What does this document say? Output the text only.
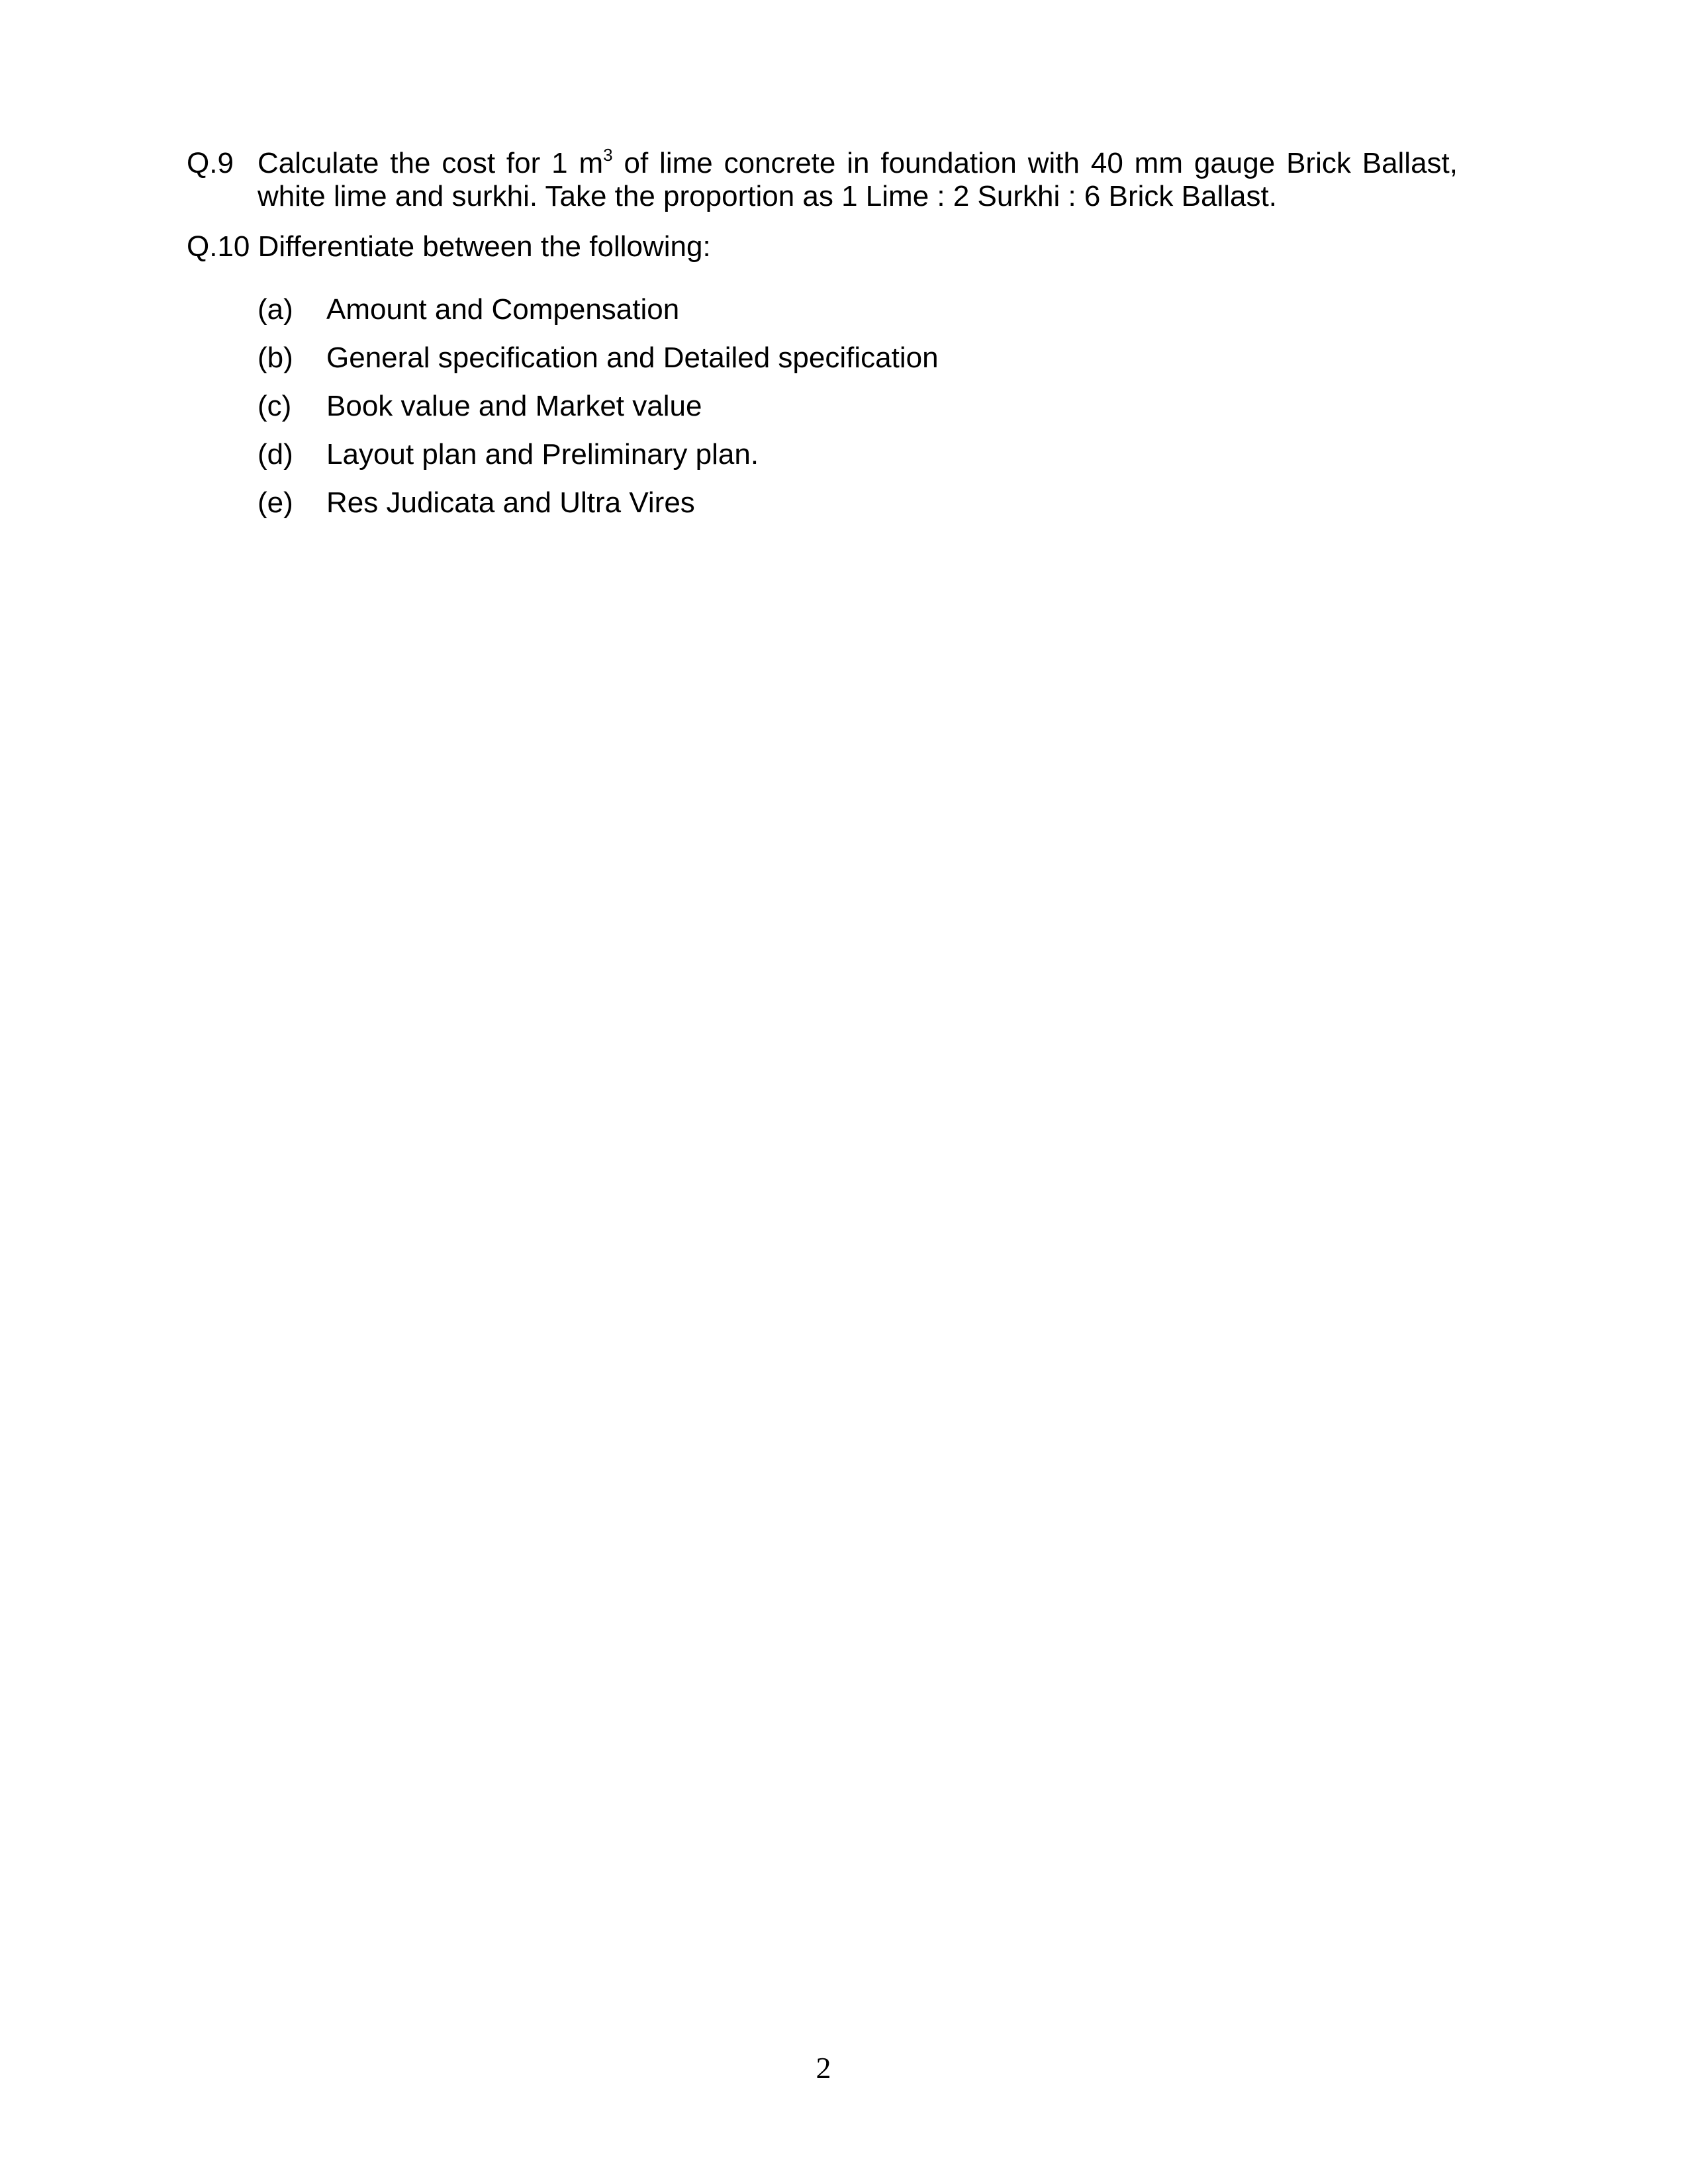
Q.9 Calculate the cost for 1 $m^3$ of lime concrete in foundation with 40 mm gauge Brick Ballast,
white lime and surkhi. Take the proportion as 1 Lime : 2 Surkhi : 6 Brick Ballast.
Q.10 Differentiate between the following:
(a) Amount and Compensation
(b) General specification and Detailed specification
(c) Book value and Market value
(d) Layout plan and Preliminary plan.
(e) Res Judicata and Ultra Vires
2
